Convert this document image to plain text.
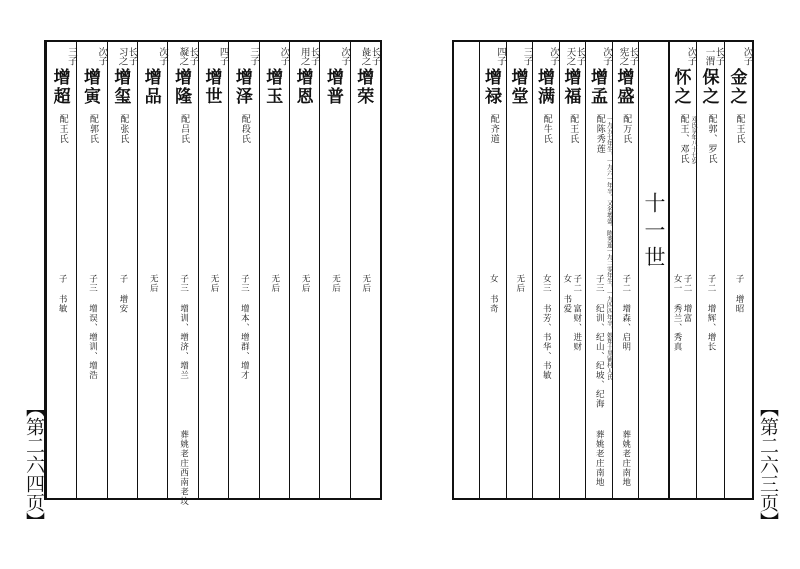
长子
彘之
增荣
无后
次子
增普
无后
长子
用之
增恩
无后
次子
增玉
无后
三子
增泽
配段氏
子三 增本、增群、增才
四子
增世
无后
长子
凝之
增隆
配吕氏
子三 增训、增济、增兰
葬姚老庄西南老坟
次子
增品
无后
长子
习之
增玺
配张氏
子 增安
次子
增寅
配郭氏
子三 增误、增训、增浩
三子
增超
配王氏
子 书敏
【第二六四页】
次子
金之
配王氏
子 增昭
长子
一渭
保之
配郭、罗氏
子二 增辉、增长
次子
怀之
配王、邓氏 邓氏享年八十七岁
子二 增富
女一 秀兰、秀真
十一世
长子
宪之
增盛
配万氏
子二 增森、启明
葬姚老庄南地
次子
增孟
配陈秀莲 一九五七年生，一九六一年卒。又名增盛。陈秀莲一九二零年生，一九四四年卒，娘郑十里铺村人氏
子三 纪训、纪山、纪坡、纪海
葬姚老庄南地
长子
天之
增福
配王氏
子二 富财、进财
女 书爱
次子
增满
配牛氏
女三 书芳、书华、书敏
三子
增堂
无后
四子
增禄
配齐道
女 书奇
【第二六三页】
